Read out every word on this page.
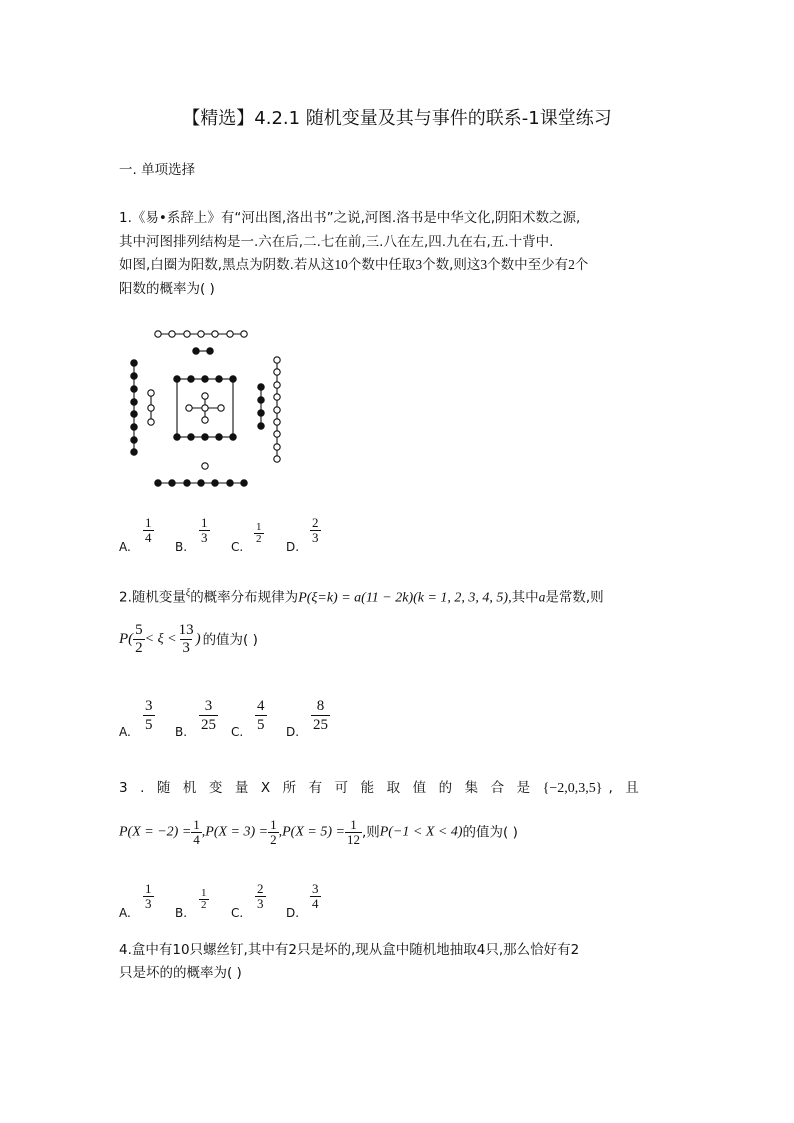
【精选】4.2.1 随机变量及其与事件的联系-1课堂练习
一. 单项选择
1.《易•系辞上》有“河出图,洛出书”之说,河图.洛书是中华文化,阴阳术数之源,
其中河图排列结构是一.六在后,二.七在前,三.八在左,四.九在右,五.十背中.
如图,白圈为阳数,黑点为阴数.若从这10个数中任取3个数,则这3个数中至少有2个
阳数的概率为( )
A.
$\frac{1}{4}$
B.
$\frac{1}{3}$
C.
$\frac{1}{2}$
D.
$\frac{2}{3}$
2.随机变量$^\xi$的概率分布规律为P(ξ=k) = a(11 − 2k)(k = 1, 2, 3, 4, 5),其中a是常数,则
$P( \frac{5}{2} < \xi < \frac{13}{3}$ ) 的值为( )
A. $\frac{3}{5} B$. $\frac{3}{25} C$. $\frac{4}{5} D$. $\frac{8}{25}$
3.随机变量X所有可能取值的集合是{−2,0,3,5} ,且
$P(X = -2) = \frac{1}{4} ,P(X = 3) = \frac{1}{2} ,P(X = 5) = \frac{1}{12}$ ,则P(−1 < X < 4)的值为( )
A.
$\frac{1}{3}$
B.
$\frac{1}{2}$
C.
$\frac{2}{3}$
D.
$\frac{3}{4}$
4.盒中有10只螺丝钉,其中有2只是坏的,现从盒中随机地抽取4只,那么恰好有2
只是坏的的概率为( )
